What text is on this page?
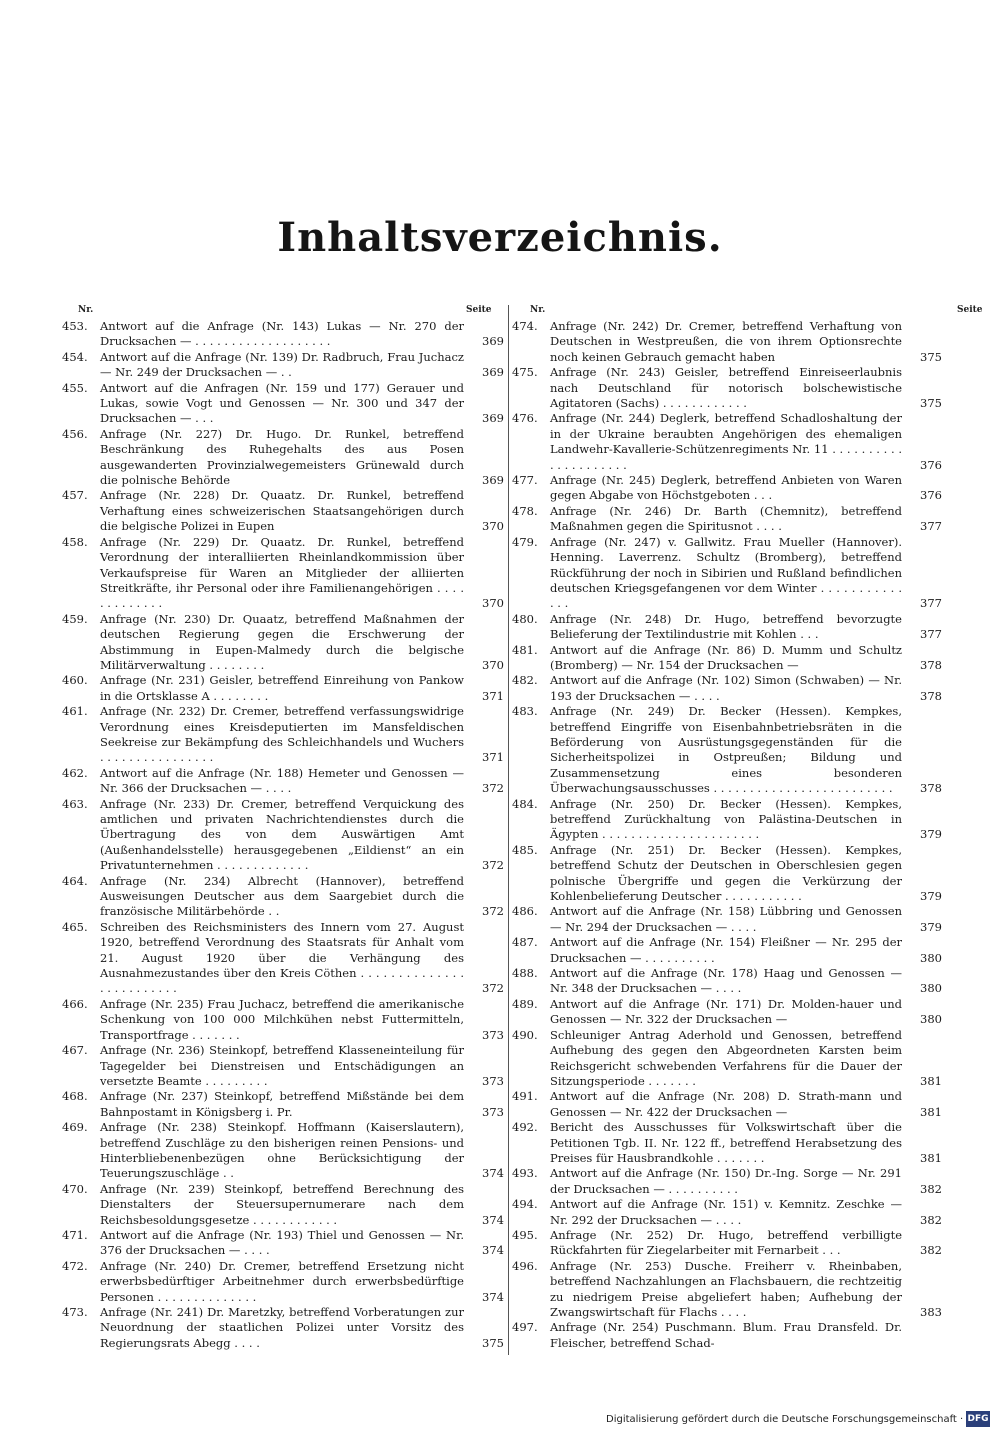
Inhaltsverzeichnis.
Nr.	Seite	Nr.	Seite
453.	Antwort auf die Anfrage (Nr. 143) Lukas — Nr. 270 der Drucksachen — . . . . . . . . . . . . . . . . . . .	369
454.	Antwort auf die Anfrage (Nr. 139) Dr. Radbruch, Frau Juchacz — Nr. 249 der Drucksachen — . .	369
455.	Antwort auf die Anfragen (Nr. 159 und 177) Gerauer und Lukas, sowie Vogt und Genossen — Nr. 300 und 347 der Drucksachen — . . .	369
456.	Anfrage (Nr. 227) Dr. Hugo. Dr. Runkel, betreffend Beschränkung des Ruhegehalts des aus Posen ausgewanderten Provinzialwegemeisters Grünewald durch die polnische Behörde	369
457.	Anfrage (Nr. 228) Dr. Quaatz. Dr. Runkel, betreffend Verhaftung eines schweizerischen Staatsangehörigen durch die belgische Polizei in Eupen	370
458.	Anfrage (Nr. 229) Dr. Quaatz. Dr. Runkel, betreffend Verordnung der interalliierten Rheinlandkommission über Verkaufspreise für Waren an Mitglieder der alliierten Streitkräfte, ihr Personal oder ihre Familienangehörigen . . . . . . . . . . . . .	370
459.	Anfrage (Nr. 230) Dr. Quaatz, betreffend Maßnahmen der deutschen Regierung gegen die Erschwerung der Abstimmung in Eupen-Malmedy durch die belgische Militärverwaltung . . . . . . . .	370
460.	Anfrage (Nr. 231) Geisler, betreffend Einreihung von Pankow in die Ortsklasse A . . . . . . . .	371
461.	Anfrage (Nr. 232) Dr. Cremer, betreffend verfassungswidrige Verordnung eines Kreisdeputierten im Mansfeldischen Seekreise zur Bekämpfung des Schleichhandels und Wuchers . . . . . . . . . . . . . . . .	371
462.	Antwort auf die Anfrage (Nr. 188) Hemeter und Genossen — Nr. 366 der Drucksachen — . . . .	372
463.	Anfrage (Nr. 233) Dr. Cremer, betreffend Verquickung des amtlichen und privaten Nachrichtendienstes durch die Übertragung des von dem Auswärtigen Amt (Außenhandelsstelle) herausgegebenen „Eildienst“ an ein Privatunternehmen . . . . . . . . . . . . .	372
464.	Anfrage (Nr. 234) Albrecht (Hannover), betreffend Ausweisungen Deutscher aus dem Saargebiet durch die französische Militärbehörde . .	372
465.	Schreiben des Reichsministers des Innern vom 27. August 1920, betreffend Verordnung des Staatsrats für Anhalt vom 21. August 1920 über die Verhängung des Ausnahmezustandes über den Kreis Cöthen . . . . . . . . . . . . . . . . . . . . . . . . .	372
466.	Anfrage (Nr. 235) Frau Juchacz, betreffend die amerikanische Schenkung von 100 000 Milchkühen nebst Futtermitteln, Transportfrage . . . . . . .	373
467.	Anfrage (Nr. 236) Steinkopf, betreffend Klasseneinteilung für Tagegelder bei Dienstreisen und Entschädigungen an versetzte Beamte . . . . . . . . .	373
468.	Anfrage (Nr. 237) Steinkopf, betreffend Mißstände bei dem Bahnpostamt in Königsberg i. Pr.	373
469.	Anfrage (Nr. 238) Steinkopf. Hoffmann (Kaiserslautern), betreffend Zuschläge zu den bisherigen reinen Pensions- und Hinterbliebenenbezügen ohne Berücksichtigung der Teuerungszuschläge . .	374
470.	Anfrage (Nr. 239) Steinkopf, betreffend Berechnung des Dienstalters der Steuersupernumerare nach dem Reichsbesoldungsgesetze . . . . . . . . . . . .	374
471.	Antwort auf die Anfrage (Nr. 193) Thiel und Genossen — Nr. 376 der Drucksachen — . . . .	374
472.	Anfrage (Nr. 240) Dr. Cremer, betreffend Ersetzung nicht erwerbsbedürftiger Arbeitnehmer durch erwerbsbedürftige Personen . . . . . . . . . . . . . .	374
473.	Anfrage (Nr. 241) Dr. Maretzky, betreffend Vorberatungen zur Neuordnung der staatlichen Polizei unter Vorsitz des Regierungsrats Abegg . . . .	375
474.	Anfrage (Nr. 242) Dr. Cremer, betreffend Verhaftung von Deutschen in Westpreußen, die von ihrem Optionsrechte noch keinen Gebrauch gemacht haben	375
475.	Anfrage (Nr. 243) Geisler, betreffend Einreiseerlaubnis nach Deutschland für notorisch bolschewistische Agitatoren (Sachs) . . . . . . . . . . . .	375
476.	Anfrage (Nr. 244) Deglerk, betreffend Schadloshaltung der in der Ukraine beraubten Angehörigen des ehemaligen Landwehr-Kavallerie-Schützenregiments Nr. 11 . . . . . . . . . . . . . . . . . . . . .	376
477.	Anfrage (Nr. 245) Deglerk, betreffend Anbieten von Waren gegen Abgabe von Höchstgeboten . . .	376
478.	Anfrage (Nr. 246) Dr. Barth (Chemnitz), betreffend Maßnahmen gegen die Spiritusnot . . . .	377
479.	Anfrage (Nr. 247) v. Gallwitz. Frau Mueller (Hannover). Henning. Laverrenz. Schultz (Bromberg), betreffend Rückführung der noch in Sibirien und Rußland befindlichen deutschen Kriegsgefangenen vor dem Winter . . . . . . . . . . . . . .	377
480.	Anfrage (Nr. 248) Dr. Hugo, betreffend bevorzugte Belieferung der Textilindustrie mit Kohlen . . .	377
481.	Antwort auf die Anfrage (Nr. 86) D. Mumm und Schultz (Bromberg) — Nr. 154 der Drucksachen —	378
482.	Antwort auf die Anfrage (Nr. 102) Simon (Schwaben) — Nr. 193 der Drucksachen — . . . .	378
483.	Anfrage (Nr. 249) Dr. Becker (Hessen). Kempkes, betreffend Eingriffe von Eisenbahnbetriebsräten in die Beförderung von Ausrüstungsgegenständen für die Sicherheitspolizei in Ostpreußen; Bildung und Zusammensetzung eines besonderen Überwachungsausschusses . . . . . . . . . . . . . . . . . . . . . . . . .	378
484.	Anfrage (Nr. 250) Dr. Becker (Hessen). Kempkes, betreffend Zurückhaltung von Palästina-Deutschen in Ägypten . . . . . . . . . . . . . . . . . . . . . .	379
485.	Anfrage (Nr. 251) Dr. Becker (Hessen). Kempkes, betreffend Schutz der Deutschen in Oberschlesien gegen polnische Übergriffe und gegen die Verkürzung der Kohlenbelieferung Deutscher . . . . . . . . . . .	379
486.	Antwort auf die Anfrage (Nr. 158) Lübbring und Genossen — Nr. 294 der Drucksachen — . . . .	379
487.	Antwort auf die Anfrage (Nr. 154) Fleißner — Nr. 295 der Drucksachen — . . . . . . . . . .	380
488.	Antwort auf die Anfrage (Nr. 178) Haag und Genossen — Nr. 348 der Drucksachen — . . . .	380
489.	Antwort auf die Anfrage (Nr. 171) Dr. Molden-hauer und Genossen — Nr. 322 der Drucksachen —	380
490.	Schleuniger Antrag Aderhold und Genossen, betreffend Aufhebung des gegen den Abgeordneten Karsten beim Reichsgericht schwebenden Verfahrens für die Dauer der Sitzungsperiode . . . . . . .	381
491.	Antwort auf die Anfrage (Nr. 208) D. Strath-mann und Genossen — Nr. 422 der Drucksachen —	381
492.	Bericht des Ausschusses für Volkswirtschaft über die Petitionen Tgb. II. Nr. 122 ff., betreffend Herabsetzung des Preises für Hausbrandkohle . . . . . . .	381
493.	Antwort auf die Anfrage (Nr. 150) Dr.-Ing. Sorge — Nr. 291 der Drucksachen — . . . . . . . . . .	382
494.	Antwort auf die Anfrage (Nr. 151) v. Kemnitz. Zeschke — Nr. 292 der Drucksachen — . . . .	382
495.	Anfrage (Nr. 252) Dr. Hugo, betreffend verbilligte Rückfahrten für Ziegelarbeiter mit Fernarbeit . . .	382
496.	Anfrage (Nr. 253) Dusche. Freiherr v. Rheinbaben, betreffend Nachzahlungen an Flachsbauern, die rechtzeitig zu niedrigem Preise abgeliefert haben; Aufhebung der Zwangswirtschaft für Flachs . . . .	383
497.	Anfrage (Nr. 254) Puschmann. Blum. Frau Dransfeld. Dr. Fleischer, betreffend Schad-
Digitalisierung gefördert durch die Deutsche Forschungsgemeinschaft · DFG
